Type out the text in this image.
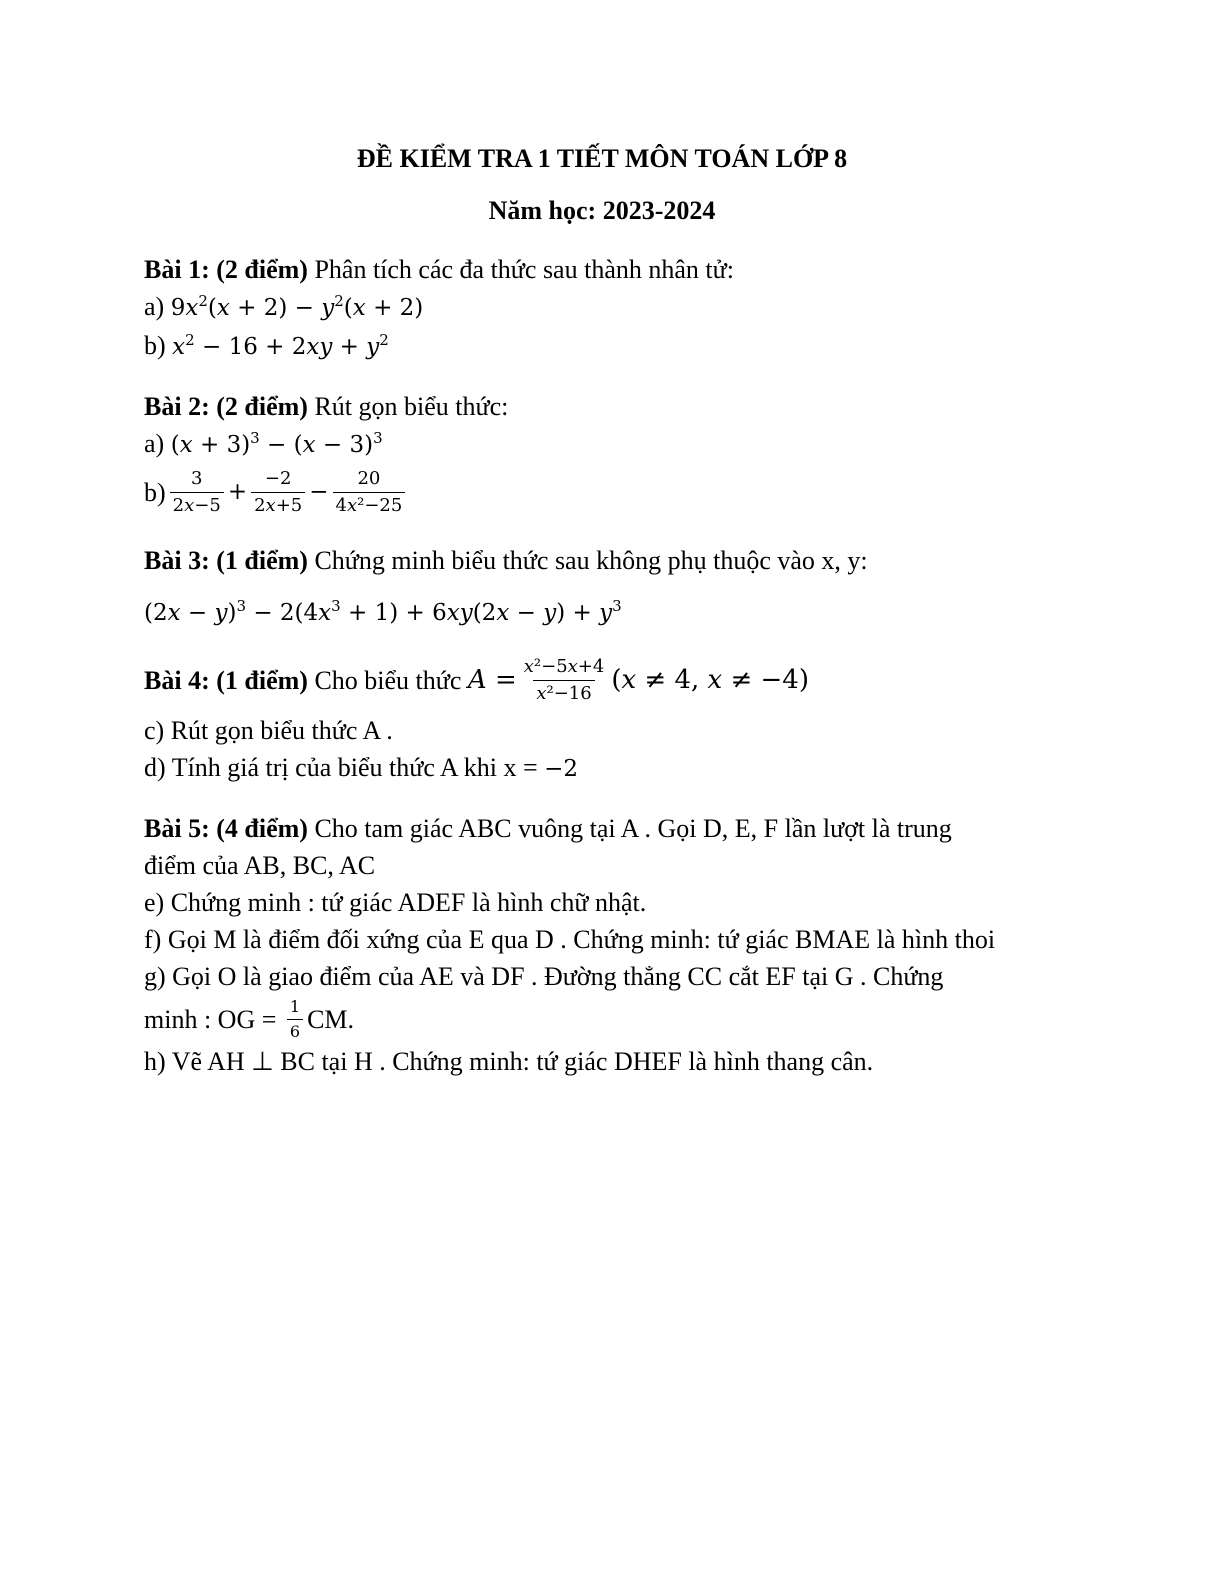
ĐỀ KIỂM TRA 1 TIẾT MÔN TOÁN LỚP 8
Năm học: 2023-2024
Bài 1: (2 điểm) Phân tích các đa thức sau thành nhân tử:
a) $9x^2(x + 2) - y^2(x + 2)$
b) $x^2 - 16 + 2xy + y^2$
Bài 2: (2 điểm) Rút gọn biểu thức:
a) $(x + 3)^3 - (x - 3)^3$
$b) \frac{3}{\text{2𝑥−5}} + \frac{-2}{\text{2𝑥+5}} - \frac{20}{\text{4𝑥²−25}}$
Bài 3: (1 điểm) Chứng minh biểu thức sau không phụ thuộc vào x, y:
$(2x - y)^3 - 2(4x^3 + 1) + 6xy(2x - y) + y^3$
Bài 4:
(1 điểm) Cho biểu thức $A = \frac{\text{𝑥²−5𝑥+4}}{\text{𝑥²−16}}$ (𝑥 ≠ 4, 𝑥 ≠ −4)
c) Rút gọn biểu thức A .
d) Tính giá trị của biểu thức A khi x = −2
Bài 5: (4 điểm) Cho tam giác ABC vuông tại A . Gọi D, E, F lần lượt là trung
điểm của AB, BC, AC
e) Chứng minh : tứ giác ADEF là hình chữ nhật.
f) Gọi M là điểm đối xứng của E qua D . Chứng minh: tứ giác BMAE là hình thoi
g) Gọi O là giao điểm của AE và DF . Đường thẳng CC cắt EF tại G . Chứng
minh : OG = $\frac{1}{6}$ CM.
h) Vẽ AH ⊥ BC tại H . Chứng minh: tứ giác DHEF là hình thang cân.
